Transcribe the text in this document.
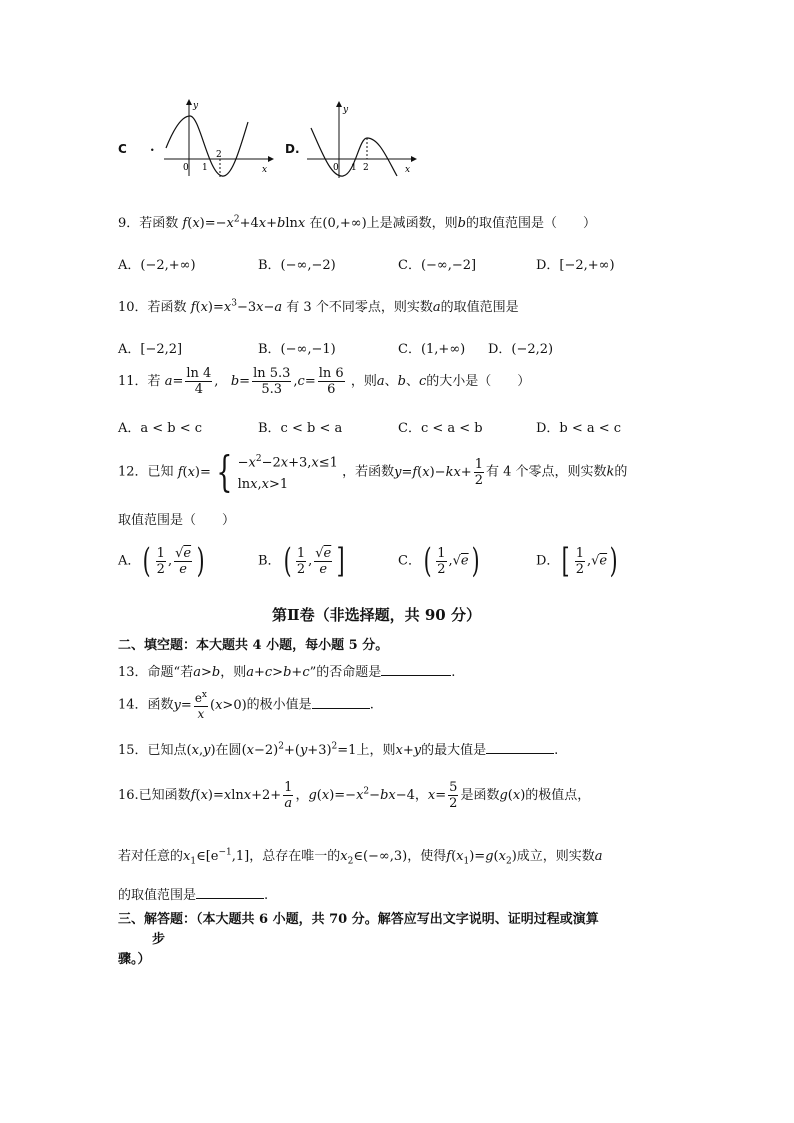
C .
y
x
0 1
2	D.
y
x
0 1 2
9．若函数 $f(x)=-x^2+4x+blnx$ 在(0,+∞)上是减函数，则b的取值范围是（　　）
A．(−2,+∞)	B．(−∞,−2)	C．(−∞,−2]	D．[−2,+∞)
10．若函数 $f(x)=x^3-3x-a$ 有 3 个不同零点，则实数a的取值范围是
A．[−2,2]	B．(−∞,−1)	C．(1,+∞) D．(−2,2)
11．若 $a= \frac{\ln 4}{4}$ ,   $b= \frac{\ln 5.3}{5.3} ,c= \frac{\ln 6}{6}$ ，则a、b、c的大小是（　　）
A．a < b < c	B．c < b < a	C．c < a < b	D．b < a < c
12．已知 f(x)= { $-x^2-2x+3,x\le 1$
lnx,x>1
，若函数$y=f(x)-kx+ \frac{1}{2}$ 有 4 个零点，则实数k的
取值范围是（　　）
A．( $\frac{1}{2}$ , $\frac{√e}{e}$ )	B．( $\frac{1}{2}$ , $\frac{√e}{e}$ ]	C．( $\frac{1}{2} ,√e$)	D．[ $\frac{1}{2} ,√e$)
第Ⅱ卷（非选择题，共 90 分）
二、填空题：本大题共 4 小题，每小题 5 分。
13．命题“若a>b，则a+c>b+c”的否命题是	.
14．函数$y= \frac{e^x}{x} (x>0)$的极小值是	.
15．已知点(x,y)在圆$(x-2)^2+(y+3)^2=1$上，则x+y的最大值是	.
16.已知函数$f(x)=xlnx+2+ \frac{1}{a}$ ，$g(x)=-x^2-bx-4$，$x= \frac{5}{2}$ 是函数g(x)的极值点，
若对任意的$x_1\in[e^{-1},1]$，总存在唯一的$x_2\in(-\infty,3)$，使得$f(x_1)=g(x_2)$成立，则实数a
的取值范围是	.
三、解答题：（本大题共 6 小题，共 70 分。解答应写出文字说明、证明过程或演算
步
骤。）
